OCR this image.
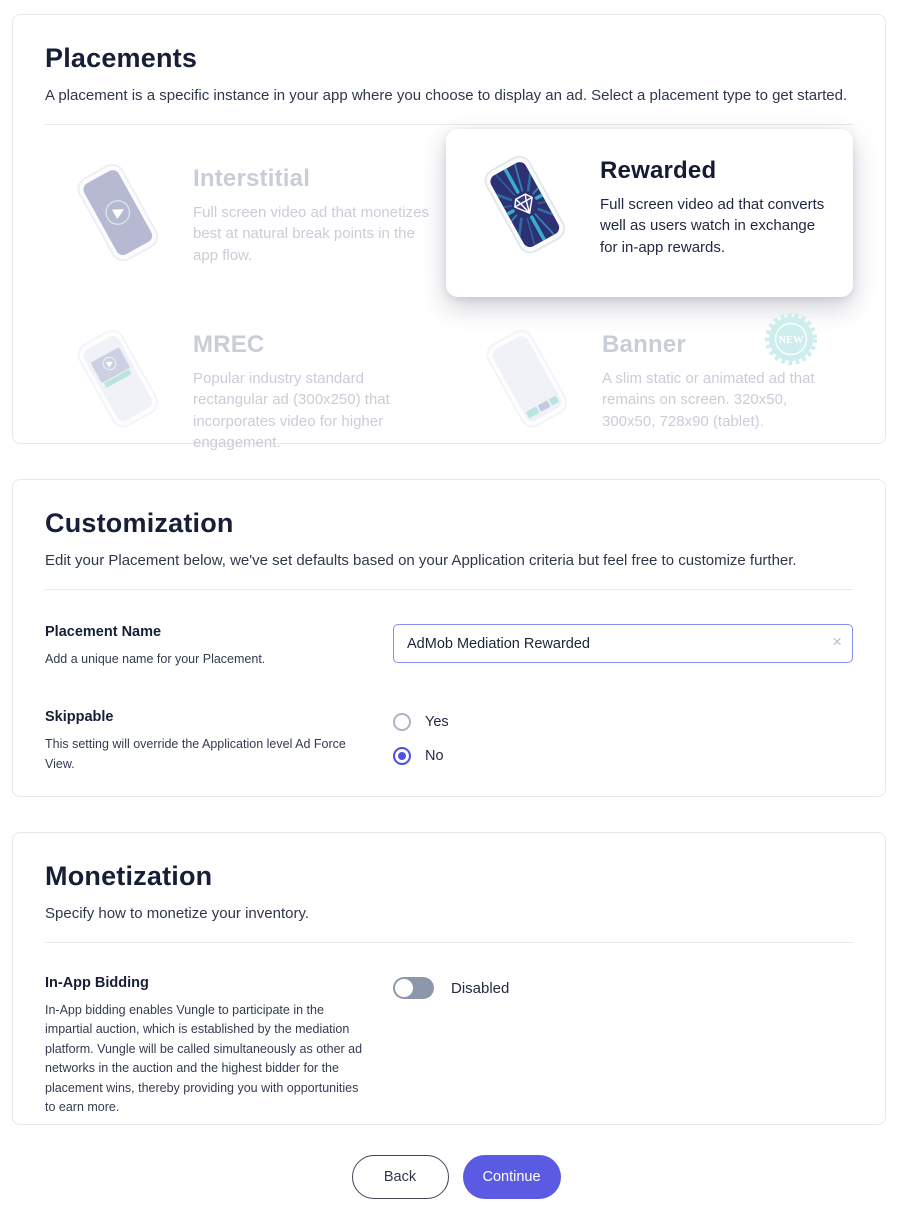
Placements

A placement is a specific instance in your app where you choose to display an ad. Select a placement type to get started.

Interstitial
Full screen video ad that monetizes best at natural break points in the app flow.
Rewarded
Full screen video ad that converts well as users watch in exchange for in-app rewards.
MREC
Popular industry standard rectangular ad (300x250) that incorporates video for higher engagement.
Banner
A slim static or animated ad that remains on screen. 320x50, 300x50, 728x90 (tablet).
NEW
Customization

Edit your Placement below, we've set defaults based on your Application criteria but feel free to customize further.

Placement Name
Add a unique name for your Placement.
AdMob Mediation Rewarded
×
Skippable
This setting will override the Application level Ad Force View.
Yes
No
Monetization

Specify how to monetize your inventory.

In-App Bidding
In-App bidding enables Vungle to participate in the impartial auction, which is established by the mediation platform. Vungle will be called simultaneously as other ad networks in the auction and the highest bidder for the placement wins, thereby providing you with opportunities to earn more.
Disabled
Back	Continue
